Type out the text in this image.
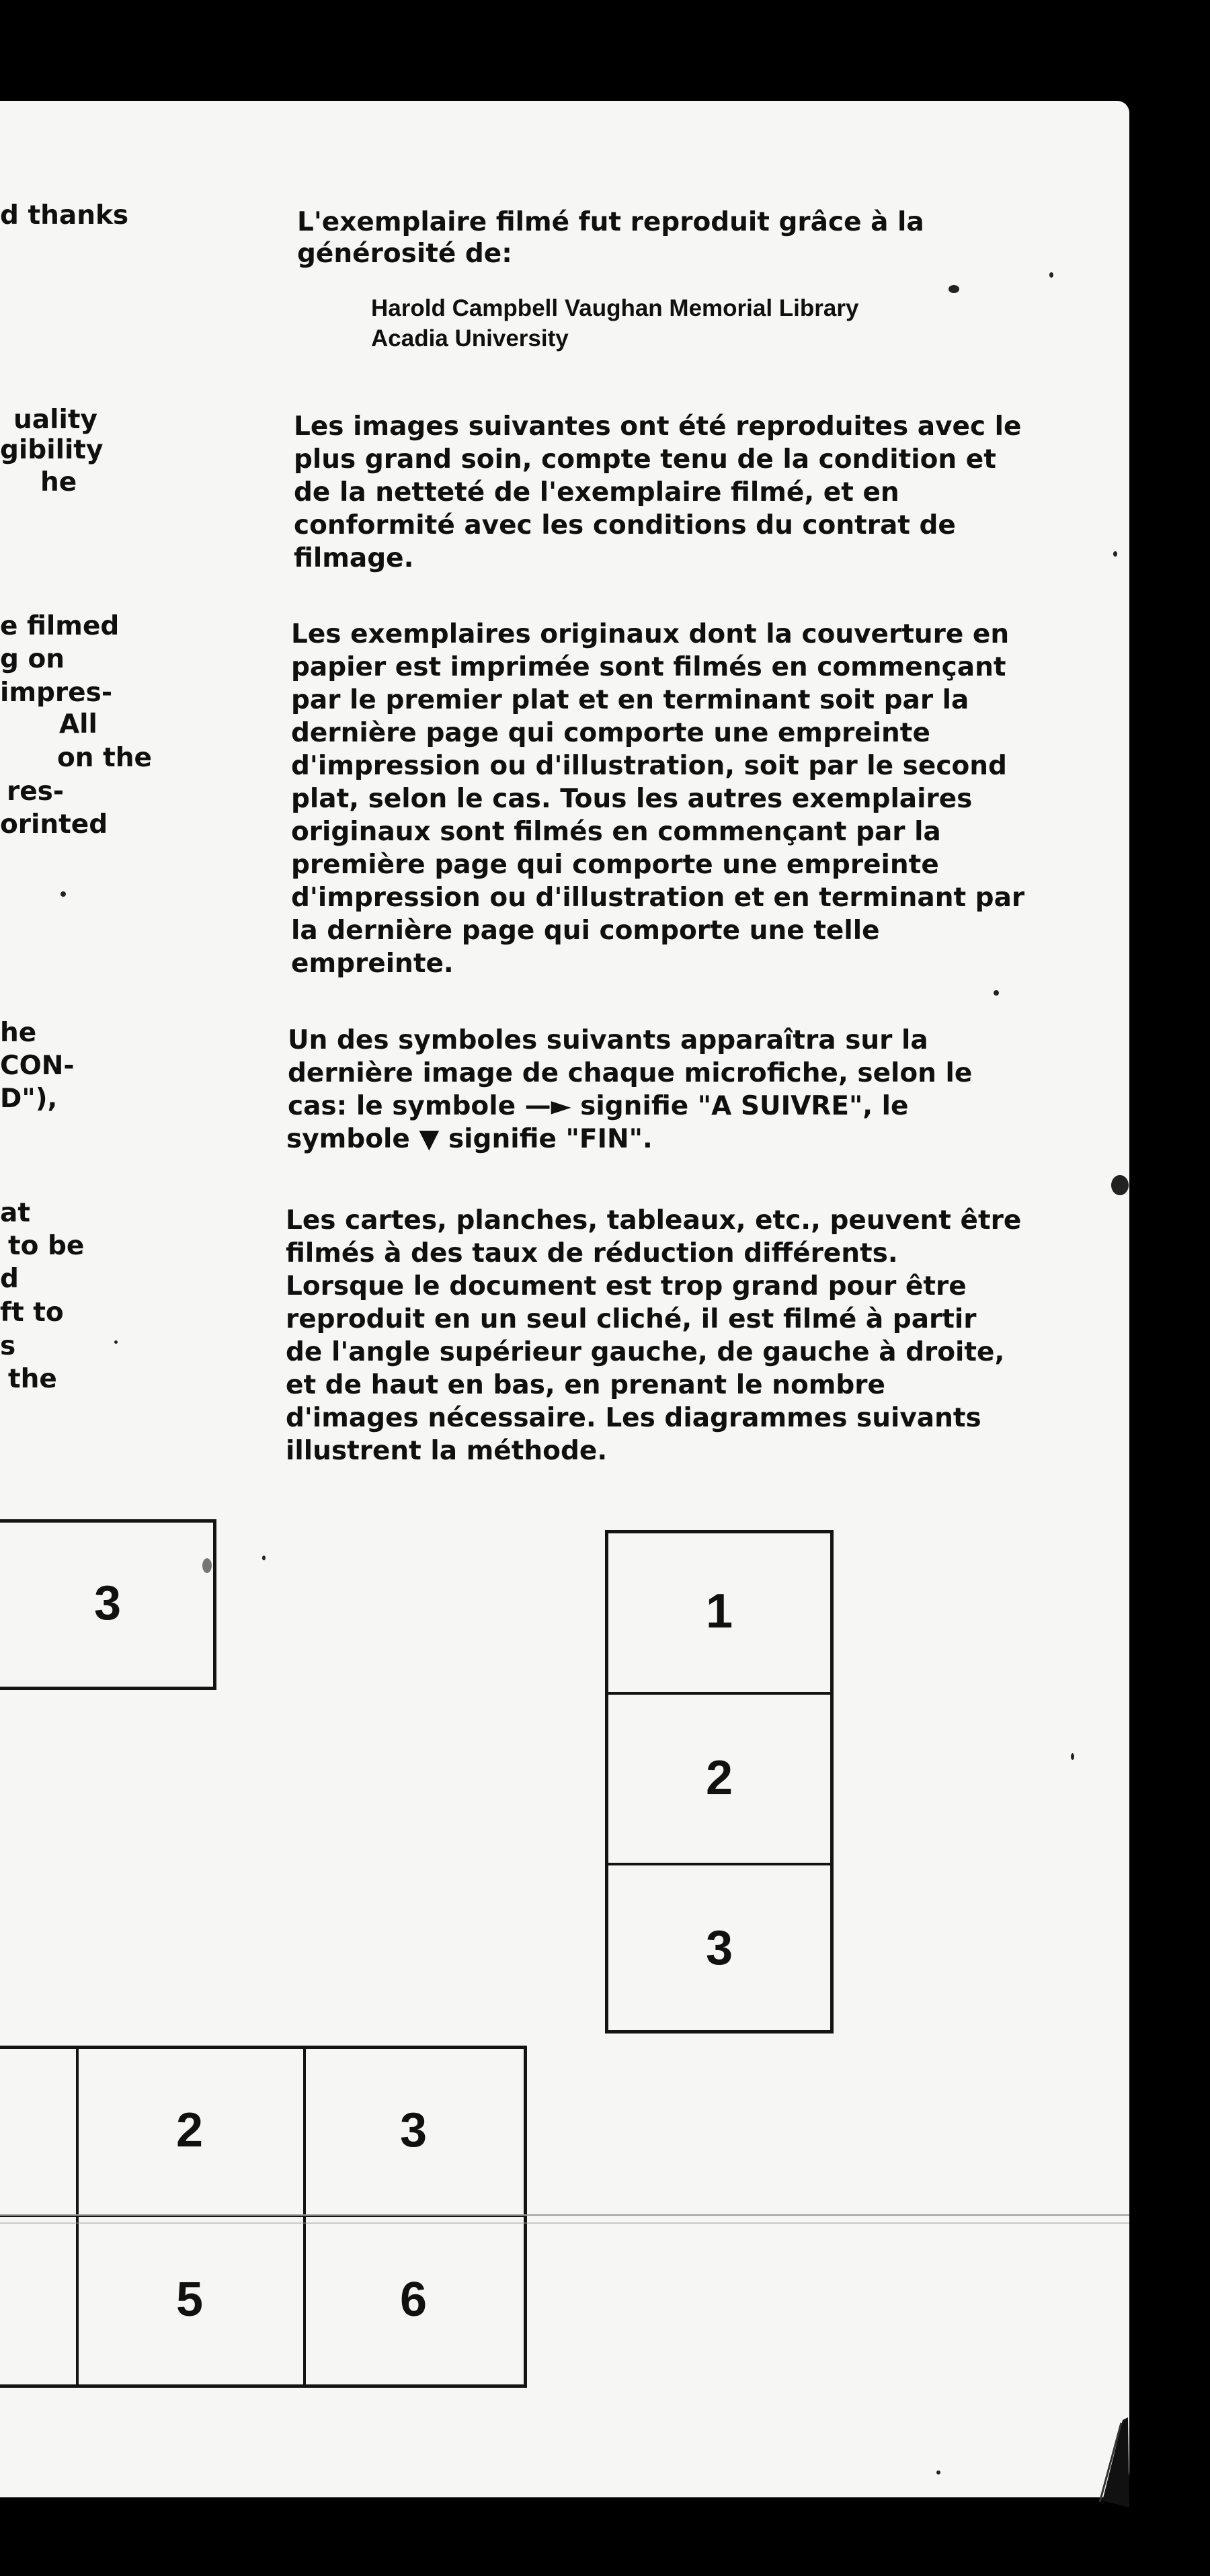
d thanks
uality
gibility
he
e filmed
g on
impres-
All
on the
res-
orinted
he
CON-
D"),
at
to be
d
ft to
s
the
L'exemplaire filmé fut reproduit grâce à la
générosité de:
Harold Campbell Vaughan Memorial Library
Acadia University
Les images suivantes ont été reproduites avec le
plus grand soin, compte tenu de la condition et
de la netteté de l'exemplaire filmé, et en
conformité avec les conditions du contrat de
filmage.
Les exemplaires originaux dont la couverture en
papier est imprimée sont filmés en commençant
par le premier plat et en terminant soit par la
dernière page qui comporte une empreinte
d'impression ou d'illustration, soit par le second
plat, selon le cas. Tous les autres exemplaires
originaux sont filmés en commençant par la
première page qui comporte une empreinte
d'impression ou d'illustration et en terminant par
la dernière page qui comporte une telle
empreinte.
Un des symboles suivants apparaîtra sur la
dernière image de chaque microfiche, selon le
cas: le symbole —► signifie "A SUIVRE", le
symbole ▼ signifie "FIN".
Les cartes, planches, tableaux, etc., peuvent être
filmés à des taux de réduction différents.
Lorsque le document est trop grand pour être
reproduit en un seul cliché, il est filmé à partir
de l'angle supérieur gauche, de gauche à droite,
et de haut en bas, en prenant le nombre
d'images nécessaire. Les diagrammes suivants
illustrent la méthode.
3	1
2
3
2	3
5	6
